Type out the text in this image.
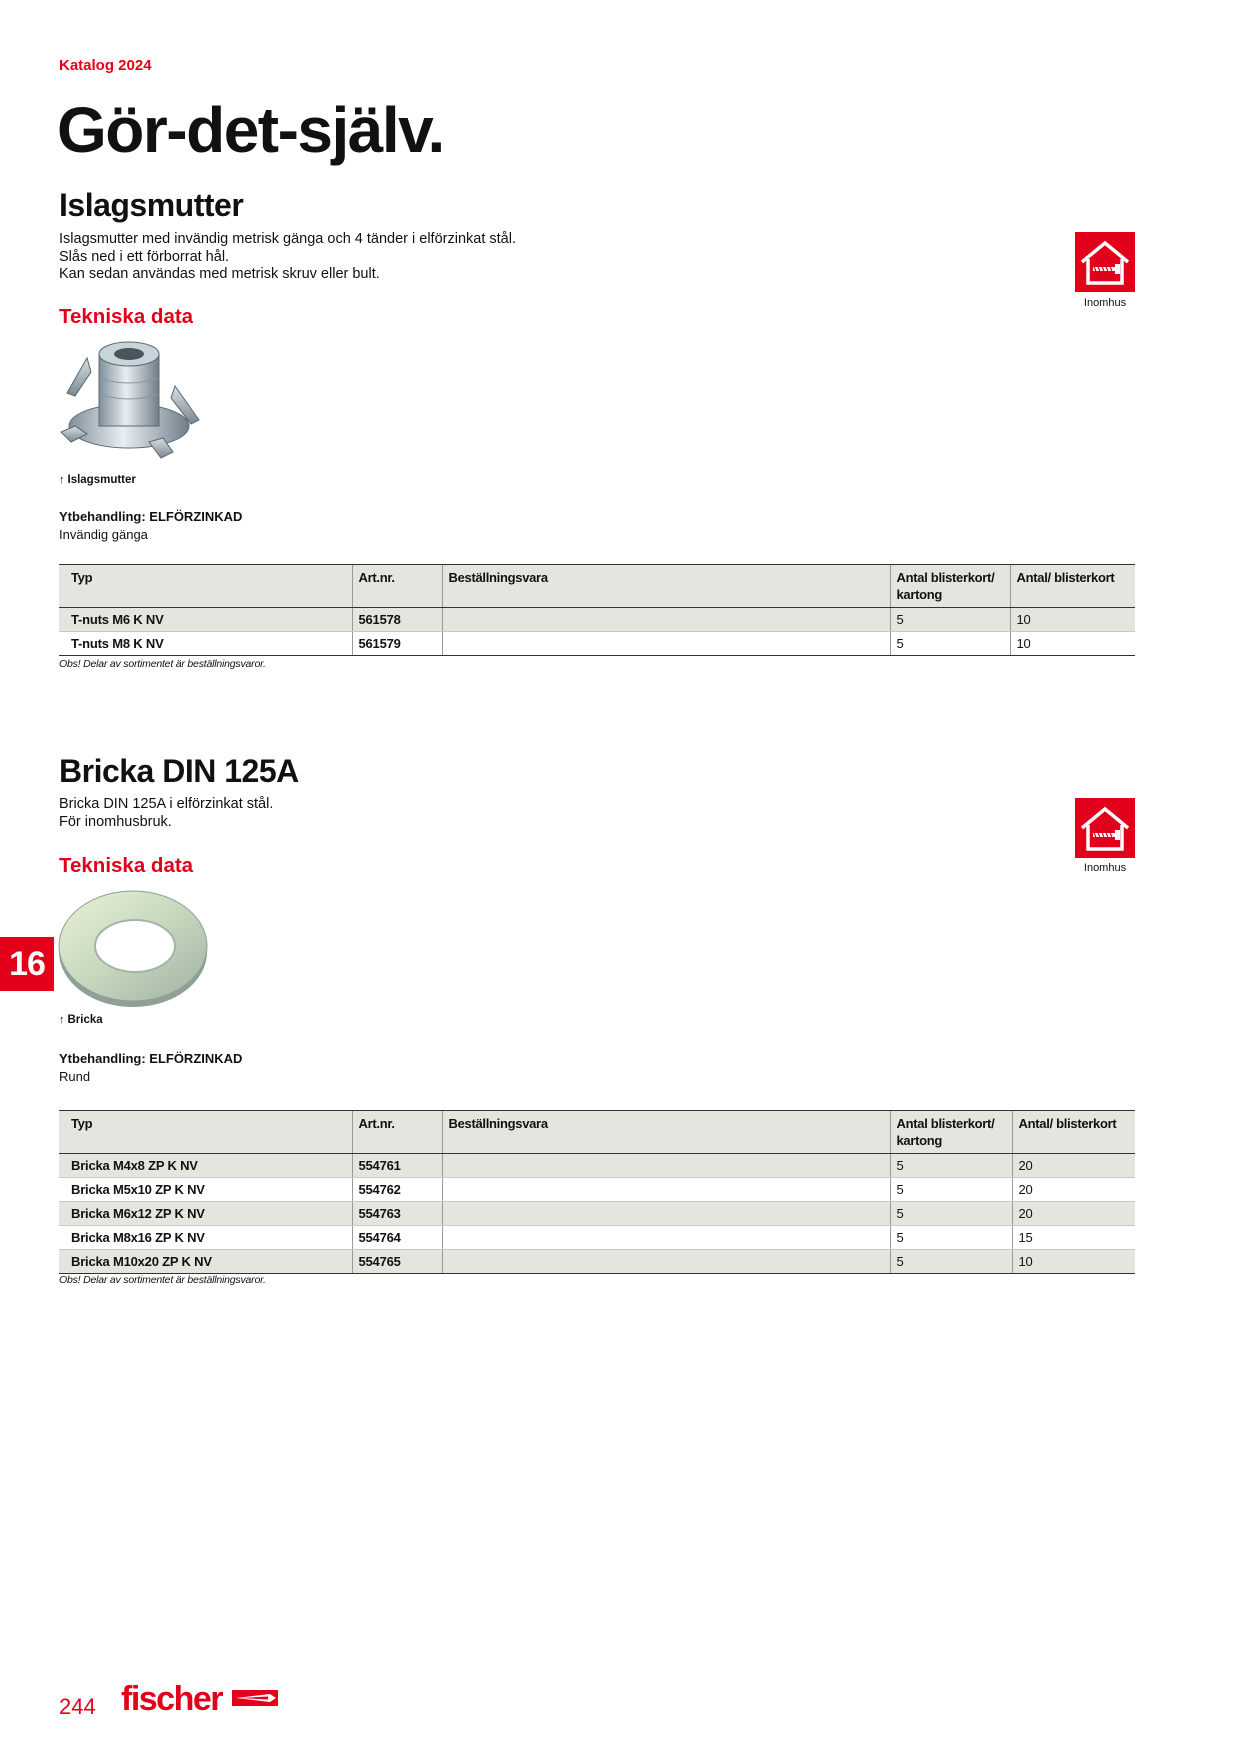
Katalog 2024
Gör-det-själv.
Islagsmutter
Islagsmutter med invändig metrisk gänga och 4 tänder i elförzinkat stål.
Slås ned i ett förborrat hål.
Kan sedan användas med metrisk skruv eller bult.
Tekniska data
Inomhus
↑ Islagsmutter
Ytbehandling: ELFÖRZINKAD
Invändig gänga
Typ	Art.nr.	Beställningsvara	Antal blisterkort/ kartong	Antal/ blisterkort
T-nuts M6 K NV	561578		5	10
T-nuts M8 K NV	561579		5	10
Obs! Delar av sortimentet är beställningsvaror.
Bricka DIN 125A
Bricka DIN 125A i elförzinkat stål.
För inomhusbruk.
Tekniska data	Inomhus
↑ Bricka
Ytbehandling: ELFÖRZINKAD
Rund
Typ	Art.nr.	Beställningsvara	Antal blisterkort/ kartong	Antal/ blisterkort
Bricka M4x8 ZP K NV	554761		5	20
Bricka M5x10 ZP K NV	554762		5	20
Bricka M6x12 ZP K NV	554763		5	20
Bricka M8x16 ZP K NV	554764		5	15
Bricka M10x20 ZP K NV	554765		5	10
Obs! Delar av sortimentet är beställningsvaror.
16
244 fischer
